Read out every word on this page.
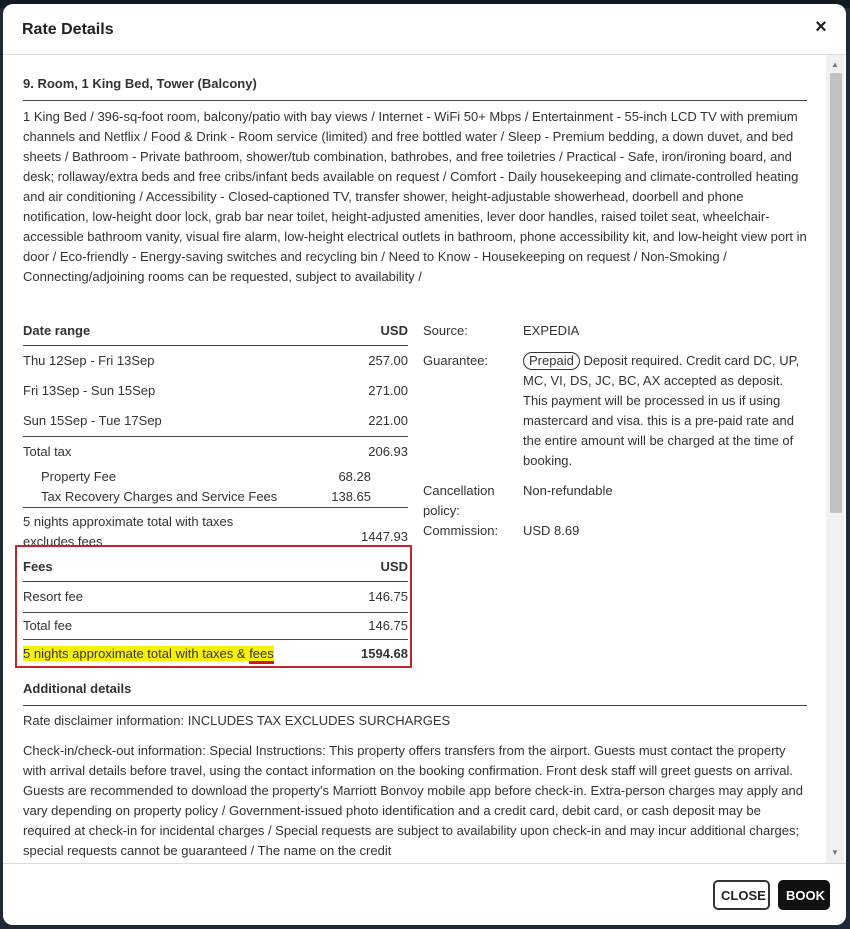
Rate Details	×
9. Room, 1 King Bed, Tower (Balcony)
1 King Bed / 396-sq-foot room, balcony/patio with bay views / Internet - WiFi 50+ Mbps / Entertainment - 55-inch LCD TV with premium channels and Netflix / Food & Drink - Room service (limited) and free bottled water / Sleep - Premium bedding, a down duvet, and bed sheets / Bathroom - Private bathroom, shower/tub combination, bathrobes, and free toiletries / Practical - Safe, iron/ironing board, and desk; rollaway/extra beds and free cribs/infant beds available on request / Comfort - Daily housekeeping and climate-controlled heating and air conditioning / Accessibility - Closed-captioned TV, transfer shower, height-adjustable showerhead, doorbell and phone notification, low-height door lock, grab bar near toilet, height-adjusted amenities, lever door handles, raised toilet seat, wheelchair-accessible bathroom vanity, visual fire alarm, low-height electrical outlets in bathroom, phone accessibility kit, and low-height view port in door / Eco-friendly - Energy-saving switches and recycling bin / Need to Know - Housekeeping on request / Non-Smoking / Connecting/adjoining rooms can be requested, subject to availability /
Date range	USD	
Thu 12Sep - Fri 13Sep	257.00	
Fri 13Sep - Sun 15Sep	271.00	
Sun 15Sep - Tue 17Sep	221.00	
Total tax	206.93	
Property Fee	68.28	
Tax Recovery Charges and Service Fees	138.65	
5 nights approximate total with taxes
excludes fees	1447.93	
Fees	USD
Resort fee	146.75
Total fee	146.75
5 nights approximate total with taxes & fees	1594.68
Source:	EXPEDIA
Guarantee:	Prepaid Deposit required. Credit card DC, UP, MC, VI, DS, JC, BC, AX accepted as deposit. This payment will be processed in us if using mastercard and visa. this is a pre-paid rate and the entire amount will be charged at the time of booking.
Cancellation policy:
Non-refundable
Commission:	USD 8.69
Additional details
Rate disclaimer information: INCLUDES TAX EXCLUDES SURCHARGES
Check-in/check-out information: Special Instructions: This property offers transfers from the airport. Guests must contact the property with arrival details before travel, using the contact information on the booking confirmation. Front desk staff will greet guests on arrival. Guests are recommended to download the property's Marriott Bonvoy mobile app before check-in. Extra-person charges may apply and vary depending on property policy / Government-issued photo identification and a credit card, debit card, or cash deposit may be required at check-in for incidental charges / Special requests are subject to availability upon check-in and may incur additional charges; special requests cannot be guaranteed / The name on the credit
▲
▼
CLOSE	BOOK
